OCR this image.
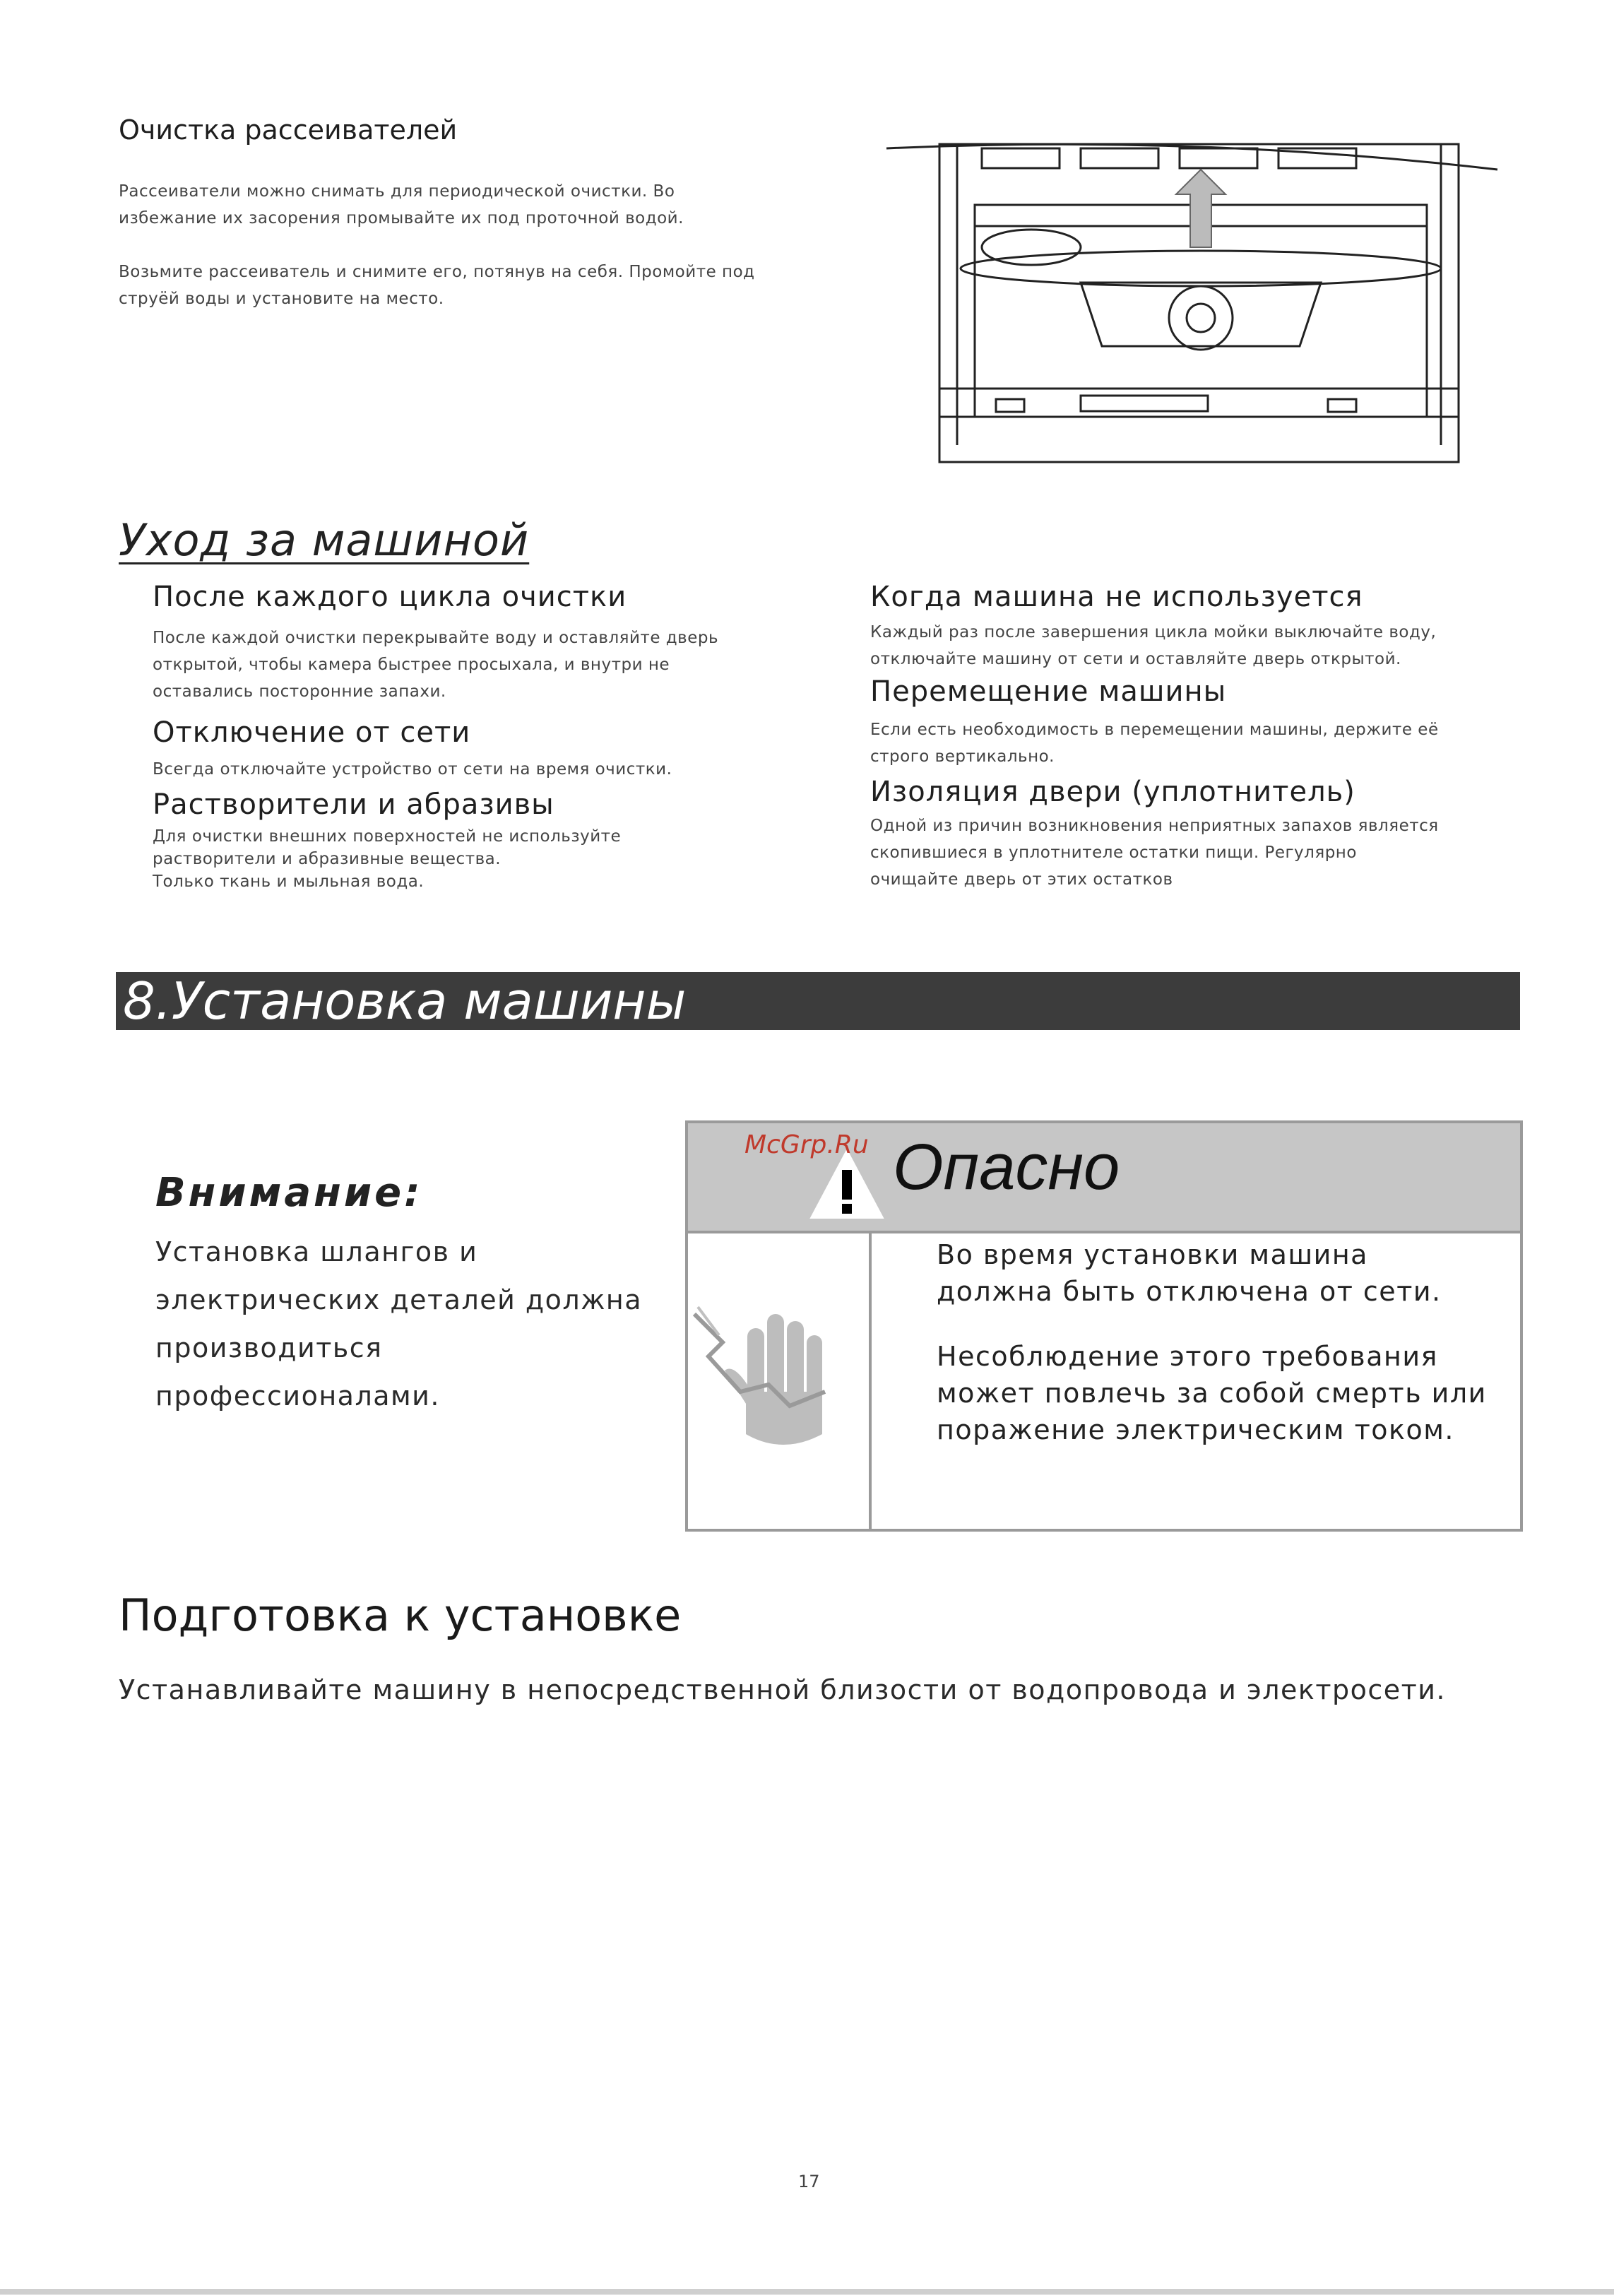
Очистка рассеивателей
Рассеиватели можно снимать для периодической очистки. Во
избежание их засорения промывайте их под проточной водой.
Возьмите рассеиватель и снимите его, потянув на себя. Промойте под
струёй воды и установите на место.
Уход за машиной
После каждого цикла очистки
После каждой очистки перекрывайте воду и оставляйте дверь
открытой, чтобы камера быстрее просыхала, и внутри не
оставались посторонние запахи.
Отключение от сети
Всегда отключайте устройство от сети на время очистки.
Растворители и абразивы
Для очистки внешних поверхностей не используйте
растворители и абразивные вещества.
Только ткань и мыльная вода.
Когда машина не используется
Каждый раз после завершения цикла мойки выключайте воду,
отключайте машину от сети и оставляйте дверь открытой.
Перемещение машины
Если есть необходимость в перемещении машины, держите её
строго вертикально.
Изоляция двери (уплотнитель)
Одной из причин возникновения неприятных запахов является
скопившиеся в уплотнителе остатки пищи. Регулярно
очищайте дверь от этих остатков
8.Установка машины
Внимание:
Установка шлангов и
электрических деталей должна
производиться
профессионалами.
McGrp.Ru Опасно
Во время установки машина
должна быть отключена от сети.
Несоблюдение этого требования
может повлечь за собой смерть или
поражение электрическим током.
Подготовка к установке
Устанавливайте машину в непосредственной близости от водопровода и электросети.
17
